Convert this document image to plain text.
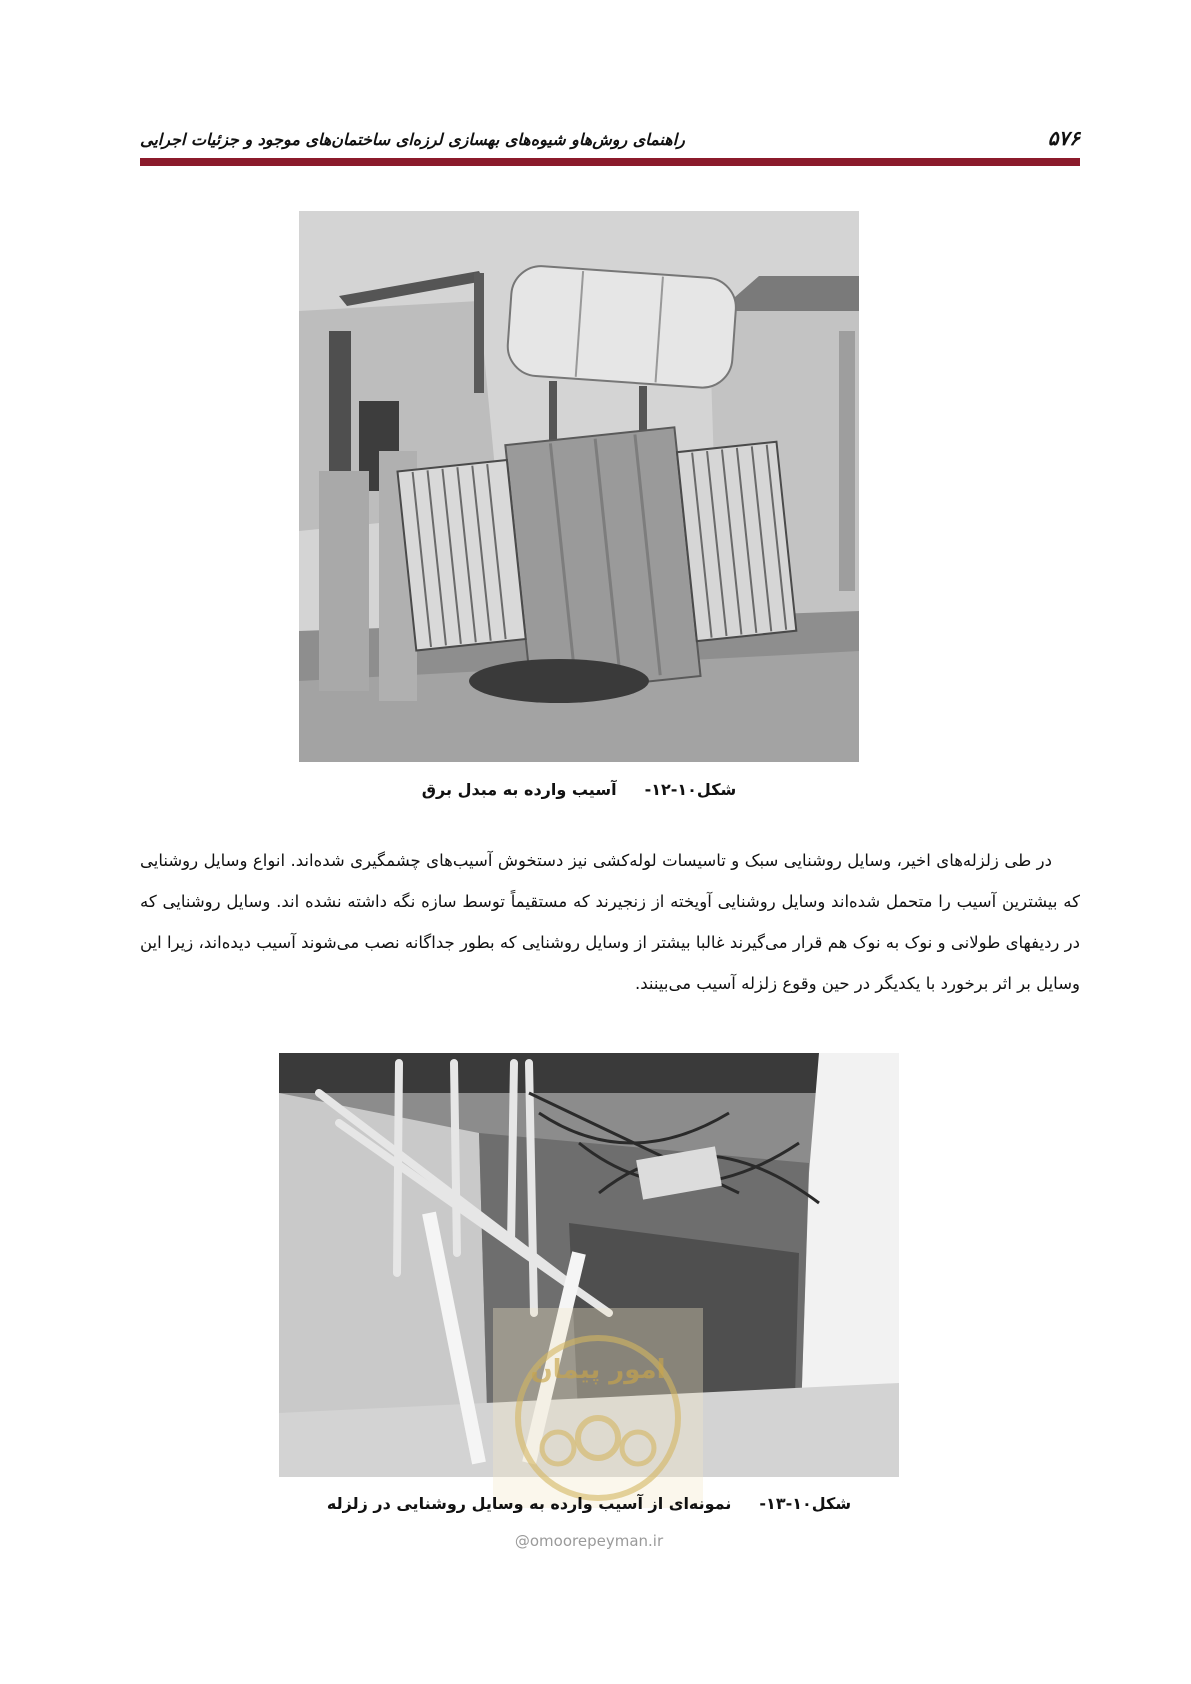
۵۷۶
راهنمای روش‌هاو شیوه‌های بهسازی لرزه‌ای ساختمان‌های موجود و جزئیات اجرایی
شکل۱۰-۱۲-آسیب وارده به مبدل برق

در طی زلزله‌های اخیر، وسایل روشنایی سبک و تاسیسات لوله‌کشی نیز دستخوش آسیب‌های چشمگیری شده‌اند. انواع وسایل روشنایی که بیشترین آسیب را متحمل شده‌اند وسایل روشنایی آویخته از زنجیرند که مستقیماً توسط سازه نگه داشته نشده اند. وسایل روشنایی که در ردیفهای طولانی و نوک به نوک هم قرار می‌گیرند غالبا بیشتر از وسایل روشنایی که بطور جداگانه نصب می‌شوند آسیب دیده‌اند، زیرا این وسایل بر اثر برخورد با یکدیگر در حین وقوع زلزله آسیب می‌بینند.

امور پیمان
شکل۱۰-۱۳-نمونه‌ای از آسیب وارده به وسایل روشنایی در زلزله
@omoorepeyman.ir
